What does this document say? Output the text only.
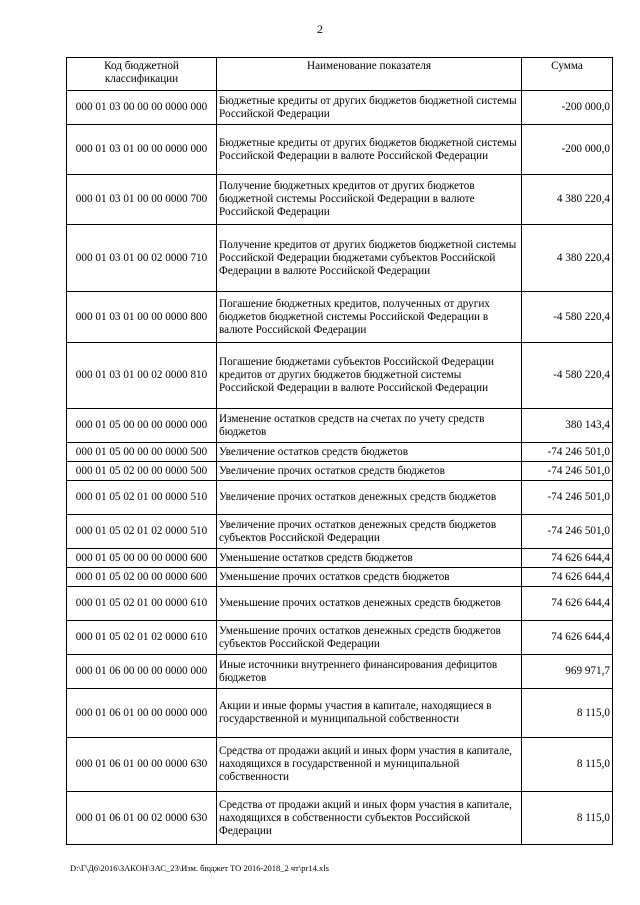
2
Код бюджетной классификации	Наименование показателя	Сумма
000 01 03 00 00 00 0000 000	Бюджетные кредиты от других бюджетов бюджетной системы Российской Федерации	-200 000,0
000 01 03 01 00 00 0000 000	Бюджетные кредиты от других бюджетов бюджетной системы Российской Федерации в валюте Российской Федерации	-200 000,0
000 01 03 01 00 00 0000 700	Получение бюджетных кредитов от других бюджетов бюджетной системы Российской Федерации в валюте Российской Федерации	4 380 220,4
000 01 03 01 00 02 0000 710	Получение кредитов от других бюджетов бюджетной системы Российской Федерации бюджетами субъектов Российской Федерации в валюте Российской Федерации	4 380 220,4
000 01 03 01 00 00 0000 800	Погашение бюджетных кредитов, полученных от других бюджетов бюджетной системы Российской Федерации в валюте Российской Федерации	-4 580 220,4
000 01 03 01 00 02 0000 810	Погашение бюджетами субъектов Российской Федерации кредитов от других бюджетов бюджетной системы Российской Федерации в валюте Российской Федерации	-4 580 220,4
000 01 05 00 00 00 0000 000	Изменение остатков средств на счетах по учету средств бюджетов	380 143,4
000 01 05 00 00 00 0000 500	Увеличение остатков средств бюджетов	-74 246 501,0
000 01 05 02 00 00 0000 500	Увеличение прочих остатков средств бюджетов	-74 246 501,0
000 01 05 02 01 00 0000 510	Увеличение прочих остатков денежных средств бюджетов	-74 246 501,0
000 01 05 02 01 02 0000 510	Увеличение прочих остатков денежных средств бюджетов субъектов Российской Федерации	-74 246 501,0
000 01 05 00 00 00 0000 600	Уменьшение остатков средств бюджетов	74 626 644,4
000 01 05 02 00 00 0000 600	Уменьшение прочих остатков средств бюджетов	74 626 644,4
000 01 05 02 01 00 0000 610	Уменьшение прочих остатков денежных средств бюджетов	74 626 644,4
000 01 05 02 01 02 0000 610	Уменьшение прочих остатков денежных средств бюджетов субъектов Российской Федерации	74 626 644,4
000 01 06 00 00 00 0000 000	Иные источники внутреннего финансирования дефицитов бюджетов	969 971,7
000 01 06 01 00 00 0000 000	Акции и иные формы участия в капитале, находящиеся в государственной и муниципальной собственности	8 115,0
000 01 06 01 00 00 0000 630	Средства от продажи акций и иных форм участия в капитале, находящихся в государственной и муниципальной собственности	8 115,0
000 01 06 01 00 02 0000 630	Средства от продажи акций и иных форм участия в капитале, находящихся в собственности субъектов Российской Федерации	8 115,0
D:\Г\Д6\2016\ЗАКОН\ЗАС_23\Изм. бюджет ТО 2016-2018_2 чт\pr14.xls
